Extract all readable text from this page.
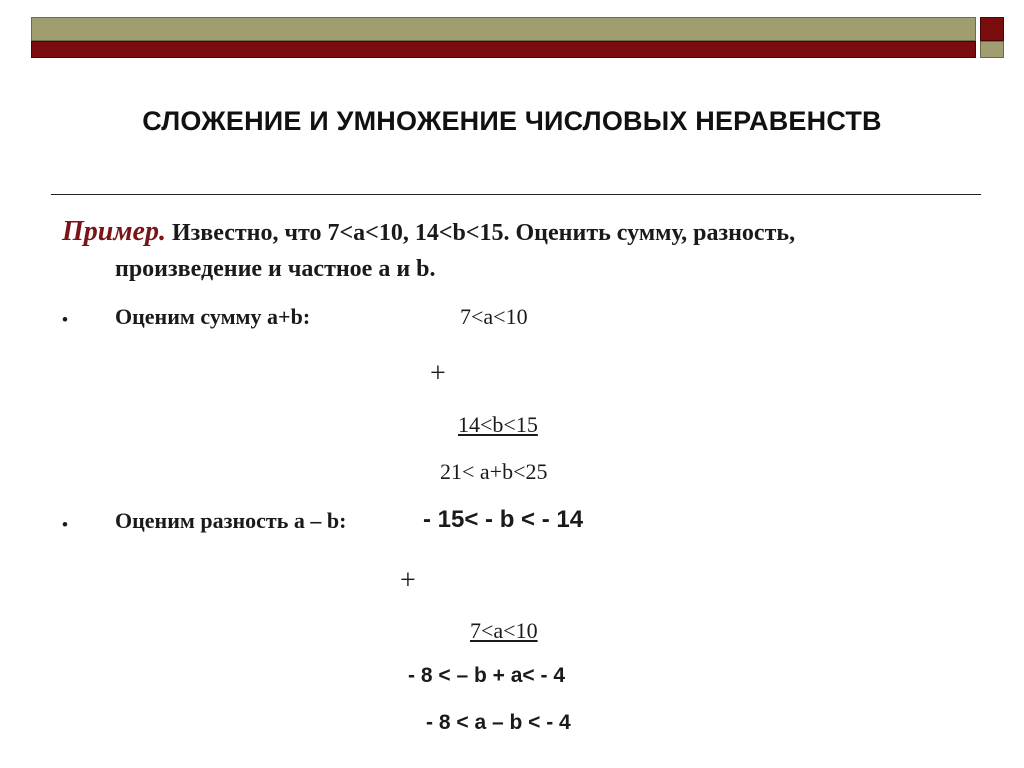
СЛОЖЕНИЕ И УМНОЖЕНИЕ ЧИСЛОВЫХ НЕРАВЕНСТВ
Пример. Известно, что 7<a<10, 14<b<15. Оценить сумму, разность,
произведение и частное a и b.
• Оценим сумму a+b:	7<a<10
+
14<b<15
21< a+b<25
• Оценим разность a – b:	- 15< - b < - 14
+
7<a<10
- 8 < – b + a< - 4
- 8 < a – b < - 4
